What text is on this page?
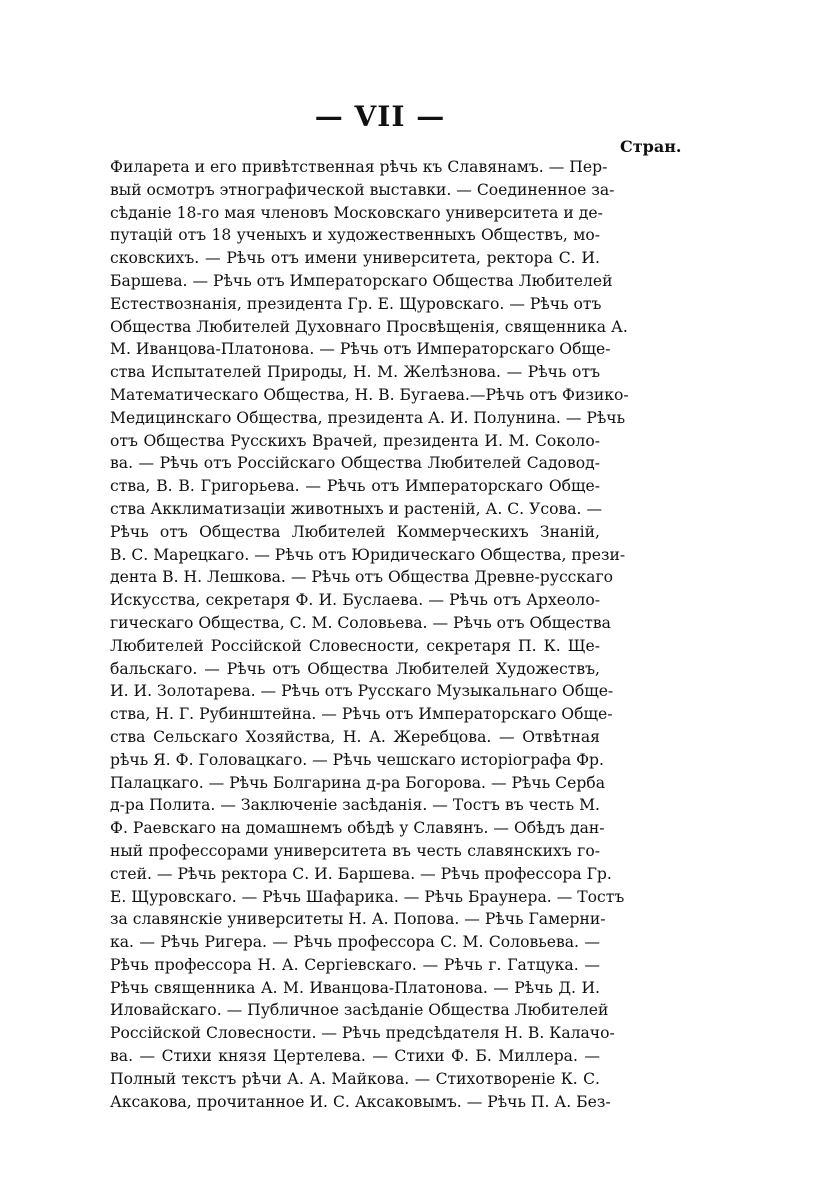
— VII —
Стран.
Филарета и его привѣтственная рѣчь къ Славянамъ. — Пер-
вый осмотръ этнографической выставки. — Соединенное за-
сѣданіе 18-го мая членовъ Московскаго университета и де-
путацій отъ 18 ученыхъ и художественныхъ Обществъ, мо-
сковскихъ. — Рѣчь отъ имени университета, ректора С. И.
Баршева. — Рѣчь отъ Императорскаго Общества Любителей
Естествознанія, президента Гр. Е. Щуровскаго. — Рѣчь отъ
Общества Любителей Духовнаго Просвѣщенія, священника А.
М. Иванцова-Платонова. — Рѣчь отъ Императорскаго Обще-
ства Испытателей Природы, Н. М. Желѣзнова. — Рѣчь отъ
Математическаго Общества, Н. В. Бугаева.—Рѣчь отъ Физико-
Медицинскаго Общества, президента А. И. Полунина. — Рѣчь
отъ Общества Русскихъ Врачей, президента И. М. Соколо-
ва. — Рѣчь отъ Россійскаго Общества Любителей Садовод-
ства, В. В. Григорьева. — Рѣчь отъ Императорскаго Обще-
ства Акклиматизаціи животныхъ и растеній, А. С. Усова. —
Рѣчь отъ Общества Любителей Коммерческихъ Знаній,
В. С. Марецкаго. — Рѣчь отъ Юридическаго Общества, прези-
дента В. Н. Лешкова. — Рѣчь отъ Общества Древне-русскаго
Искусства, секретаря Ф. И. Буслаева. — Рѣчь отъ Археоло-
гическаго Общества, С. М. Соловьева. — Рѣчь отъ Общества
Любителей Россійской Словесности, секретаря П. К. Ще-
бальскаго. — Рѣчь отъ Общества Любителей Художествъ,
И. И. Золотарева. — Рѣчь отъ Русскаго Музыкальнаго Обще-
ства, Н. Г. Рубинштейна. — Рѣчь отъ Императорскаго Обще-
ства Сельскаго Хозяйства, Н. А. Жеребцова. — Отвѣтная
рѣчь Я. Ф. Головацкаго. — Рѣчь чешскаго исторіографа Фр.
Палацкаго. — Рѣчь Болгарина д-ра Богорова. — Рѣчь Серба
д-ра Полита. — Заключеніе засѣданія. — Тостъ въ честь М.
Ф. Раевскаго на домашнемъ обѣдѣ у Славянъ. — Обѣдъ дан-
ный профессорами университета въ честь славянскихъ го-
стей. — Рѣчь ректора С. И. Баршева. — Рѣчь профессора Гр.
Е. Щуровскаго. — Рѣчь Шафарика. — Рѣчь Браунера. — Тостъ
за славянскіе университеты Н. А. Попова. — Рѣчь Гамерни-
ка. — Рѣчь Ригера. — Рѣчь профессора С. М. Соловьева. —
Рѣчь профессора Н. А. Сергіевскаго. — Рѣчь г. Гатцука. —
Рѣчь священника А. М. Иванцова-Платонова. — Рѣчь Д. И.
Иловайскаго. — Публичное засѣданіе Общества Любителей
Россійской Словесности. — Рѣчь предсѣдателя Н. В. Калачо-
ва. — Стихи князя Цертелева. — Стихи Ф. Б. Миллера. —
Полный текстъ рѣчи А. А. Майкова. — Стихотвореніе К. С.
Аксакова, прочитанное И. С. Аксаковымъ. — Рѣчь П. А. Без-
